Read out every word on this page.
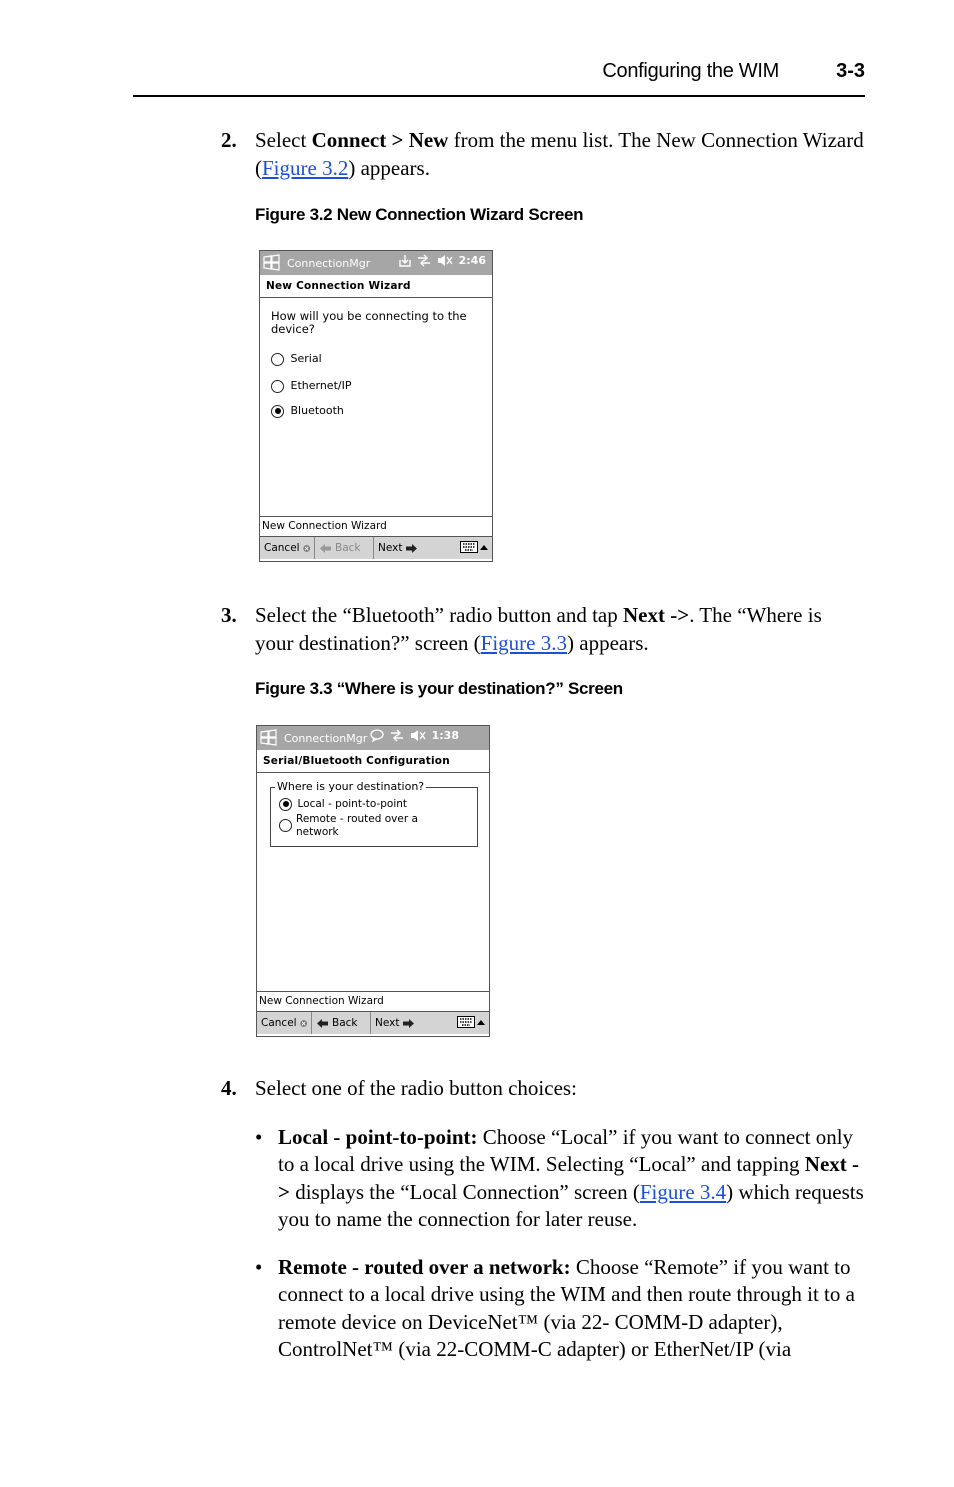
Configuring the WIM	3-3
2. Select Connect > New from the menu list. The New Connection Wizard (Figure 3.2) appears.
Figure 3.2 New Connection Wizard Screen
ConnectionMgr	2:46
New Connection Wizard
How will you be connecting to the device?
Serial
Ethernet/IP
Bluetooth
New Connection Wizard
Cancel	Back Next
3. Select the “Bluetooth” radio button and tap Next ->. The “Where is your destination?” screen (Figure 3.3) appears.
Figure 3.3 “Where is your destination?” Screen
ConnectionMgr	1:38
Serial/Bluetooth Configuration
Where is your destination?
Local - point-to-point
Remote - routed over a network
New Connection Wizard
Cancel	Back Next
4. Select one of the radio button choices:
• Local - point-to-point: Choose “Local” if you want to connect only to a local drive using the WIM. Selecting “Local” and tapping Next -> displays the “Local Connection” screen (Figure 3.4) which requests you to name the connection for later reuse.
• Remote - routed over a network: Choose “Remote” if you want to connect to a local drive using the WIM and then route through it to a remote device on DeviceNet™ (via 22- COMM-D adapter), ControlNet™ (via 22-COMM-C adapter) or EtherNet/IP (via
